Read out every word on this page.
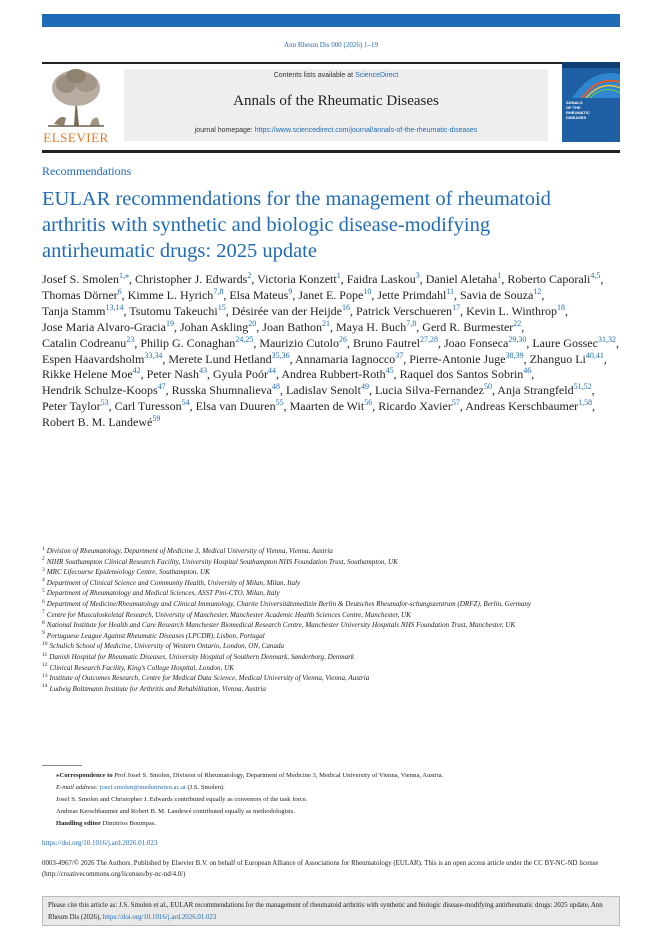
Ann Rheum Dis 000 (2026) 1–19
ELSEVIER
Contents lists available at ScienceDirect
Annals of the Rheumatic Diseases
journal homepage: https://www.sciencedirect.com/journal/annals-of-the-rheumatic-diseases
ANNALS
OF THE
RHEUMATIC
DISEASES
Recommendations
EULAR recommendations for the management of rheumatoid arthritis with synthetic and biologic disease-modifying antirheumatic drugs: 2025 update
Josef S. Smolen$^{1,⁎}$, Christopher J. Edwards$^2$, Victoria Konzett$^1$, Faidra Laskou$^3$, Daniel Aletaha$^1$, Roberto Caporali$^{4,5}$, Thomas Dörner$^6$, Kimme L. Hyrich$^{7,8}$, Elsa Mateus$^9$, Janet E. Pope$^{10}$, Jette Primdahl$^{11}$, Savia de Souza$^{12}$, Tanja Stamm$^{13,14}$, Tsutomu Takeuchi$^{15}$, Désirée van der Heijde$^{16}$, Patrick Verschueren$^{17}$, Kevin L. Winthrop$^{18}$, Jose Maria Alvaro-Gracia$^{19}$, Johan Askling$^{20}$, Joan Bathon$^{21}$, Maya H. Buch$^{7,8}$, Gerd R. Burmester$^{22}$, Catalin Codreanu$^{23}$, Philip G. Conaghan$^{24,25}$, Maurizio Cutolo$^{26}$, Bruno Fautrel$^{27,28}$, Joao Fonseca$^{29,30}$, Laure Gossec$^{31,32}$, Espen Haavardsholm$^{33,34}$, Merete Lund Hetland$^{35,36}$, Annamaria Iagnocco$^{37}$, Pierre-Antonie Juge$^{38,39}$, Zhanguo Li$^{40,41}$, Rikke Helene Moe$^{42}$, Peter Nash$^{43}$, Gyula Poór$^{44}$, Andrea Rubbert-Roth$^{45}$, Raquel dos Santos Sobrin$^{46}$, Hendrik Schulze-Koops$^{47}$, Russka Shumnalieva$^{48}$, Ladislav Senolt$^{49}$, Lucia Silva-Fernandez$^{50}$, Anja Strangfeld$^{51,52}$, Peter Taylor$^{53}$, Carl Turesson$^{54}$, Elsa van Duuren$^{55}$, Maarten de Wit$^{56}$, Ricardo Xavier$^{57}$, Andreas Kerschbaumer$^{1,58}$, Robert B. M. Landewé$^{59}$
$^1$ Division of Rheumatology, Department of Medicine 3, Medical University of Vienna, Vienna, Austria
$^2$ NIHR Southampton Clinical Research Facility, University Hospital Southampton NHS Foundation Trust, Southampton, UK
$^3$ MRC Lifecourse Epidemiology Centre, Southampton, UK
$^4$ Department of Clinical Science and Community Health, University of Milan, Milan, Italy
$^5$ Department of Rheumatology and Medical Sciences, ASST Pini-CTO, Milan, Italy
$^6$ Department of Medicine/Rheumatology and Clinical Immunology, Charite Universitätsmedizin Berlin & Deutsches Rheumafor-schungszentrum (DRFZ), Berlin, Germany
$^7$ Centre for Musculoskeletal Research, University of Manchester, Manchester Academic Health Sciences Centre, Manchester, UK
$^8$ National Institute for Health and Care Research Manchester Biomedical Research Centre, Manchester University Hospitals NHS Foundation Trust, Manchester, UK
$^9$ Portuguese League Against Rheumatic Diseases (LPCDR), Lisbon, Portugal
$^{10}$ Schulich School of Medicine, University of Western Ontario, London, ON, Canada
$^{11}$ Danish Hospital for Rheumatic Diseases, University Hospital of Southern Denmark, Sønderborg, Denmark
$^{12}$ Clinical Research Facility, King’s College Hospital, London, UK
$^{13}$ Institute of Outcomes Research, Centre for Medical Data Science, Medical University of Vienna, Vienna, Austria
$^{14}$ Ludwig Boltzmann Institute for Arthritis and Rehabilitation, Vienna, Austria
⁎Correspondence to Prof Josef S. Smolen, Division of Rheumatology, Department of Medicine 3, Medical University of Vienna, Vienna, Austria.
E-mail address: josef.smolen@meduniwien.ac.at (J.S. Smolen).
Josef S. Smolen and Christopher J. Edwards contributed equally as convenors of the task force.
Andreas Kerschbaumer and Robert B. M. Landewé contributed equally as methodologists.
Handling editor Dimitrios Boumpas.
https://doi.org/10.1016/j.ard.2026.01.023
0003-4967/© 2026 The Authors. Published by Elsevier B.V. on behalf of European Alliance of Associations for Rheumatology (EULAR). This is an open access article under the CC BY-NC-ND license (http://creativecommons.org/licenses/by-nc-nd/4.0/)
Please cite this article as: J.S. Smolen et al., EULAR recommendations for the management of rheumatoid arthritis with synthetic and biologic disease-modifying antirheumatic drugs: 2025 update, Ann Rheum Dis (2026), https://doi.org/10.1016/j.ard.2026.01.023
